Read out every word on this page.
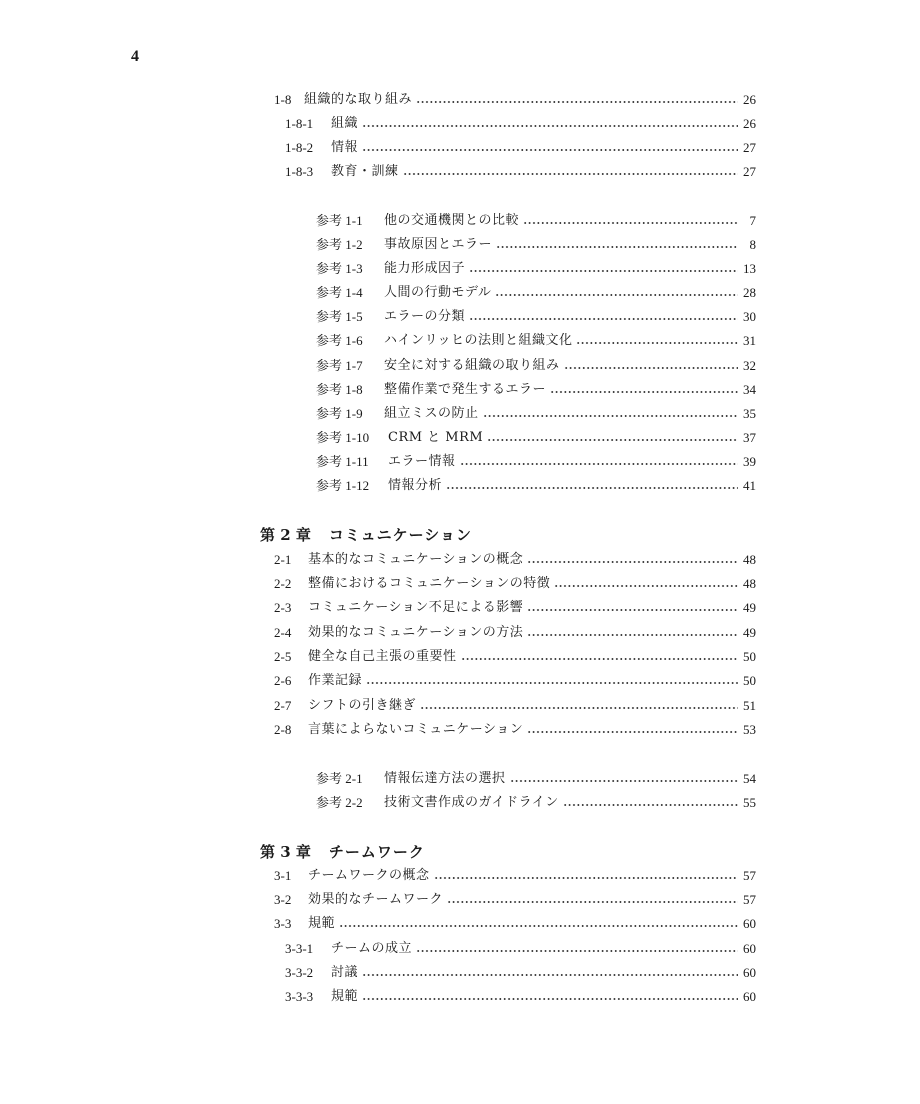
4
1-8 組織的な取り組み	26
1-8-1	組織	26
1-8-2	情報	27
1-8-3	教育・訓練	27
参考 1-1	他の交通機関との比較	7
参考 1-2	事故原因とエラー	8
参考 1-3	能力形成因子	13
参考 1-4	人間の行動モデル	28
参考 1-5	エラーの分類	30
参考 1-6	ハインリッヒの法則と組織文化	31
参考 1-7	安全に対する組織の取り組み	32
参考 1-8	整備作業で発生するエラー	34
参考 1-9	組立ミスの防止	35
参考 1-10	CRM と MRM	37
参考 1-11	エラー情報	39
参考 1-12	情報分析	41
第 2 章 コミュニケーション
2-1	基本的なコミュニケーションの概念	48
2-2	整備におけるコミュニケーションの特徴	48
2-3	コミュニケーション不足による影響	49
2-4	効果的なコミュニケーションの方法	49
2-5	健全な自己主張の重要性	50
2-6	作業記録	50
2-7	シフトの引き継ぎ	51
2-8	言葉によらないコミュニケーション	53
参考 2-1	情報伝達方法の選択	54
参考 2-2	技術文書作成のガイドライン	55
第 3 章 チームワーク
3-1	チームワークの概念	57
3-2	効果的なチームワーク	57
3-3	規範	60
3-3-1	チームの成立	60
3-3-2	討議	60
3-3-3	規範	60
